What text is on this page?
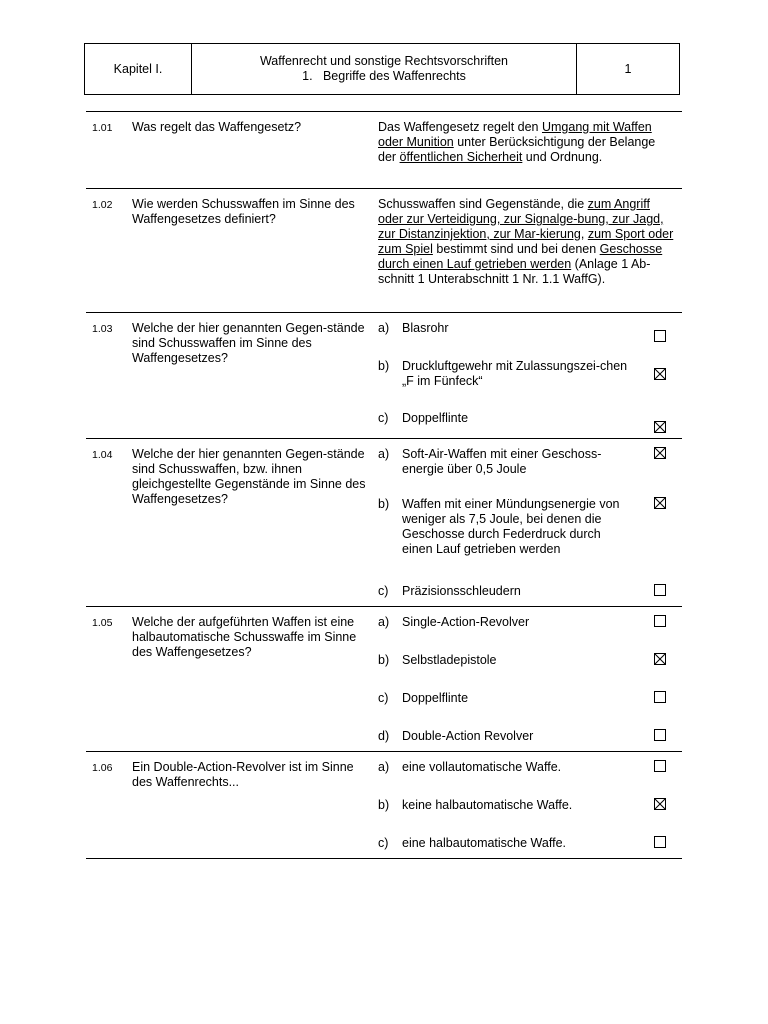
Kapitel I.
Waffenrecht und sonstige Rechtsvorschriften
1.   Begriffe des Waffenrechts
1
1.01 Was regelt das Waffengesetz?	Das Waffengesetz regelt den Umgang mit Waffen oder Munition unter Berücksichtigung der Belange der öffentlichen Sicherheit und Ordnung.
1.02 Wie werden Schusswaffen im Sinne des Waffengesetzes definiert?
Schusswaffen sind Gegenstände, die zum Angriff oder zur Verteidigung, zur Signalge-bung, zur Jagd, zur Distanzinjektion, zur Mar-kierung, zum Sport oder zum Spiel bestimmt sind und bei denen Geschosse durch einen Lauf getrieben werden (Anlage 1 Ab-schnitt 1 Unterabschnitt 1 Nr. 1.1 WaffG).
1.03 Welche der hier genannten Gegen-stände sind Schusswaffen im Sinne des Waffengesetzes?
a) Blasrohr
b) Druckluftgewehr mit Zulassungszei-chen „F im Fünfeck“
c) Doppelflinte
1.04 Welche der hier genannten Gegen-stände sind Schusswaffen, bzw. ihnen gleichgestellte Gegenstände im Sinne des Waffengesetzes?
a) Soft-Air-Waffen mit einer Geschoss-energie über 0,5 Joule
b) Waffen mit einer Mündungsenergie von weniger als 7,5 Joule, bei denen die Geschosse durch Federdruck durch einen Lauf getrieben werden
c) Präzisionsschleudern
1.05 Welche der aufgeführten Waffen ist eine halbautomatische Schusswaffe im Sinne des Waffengesetzes?
a) Single-Action-Revolver
b) Selbstladepistole
c) Doppelflinte
d) Double-Action Revolver
1.06 Ein Double-Action-Revolver ist im Sinne des Waffenrechts...
a) eine vollautomatische Waffe.
b) keine halbautomatische Waffe.
c) eine halbautomatische Waffe.
